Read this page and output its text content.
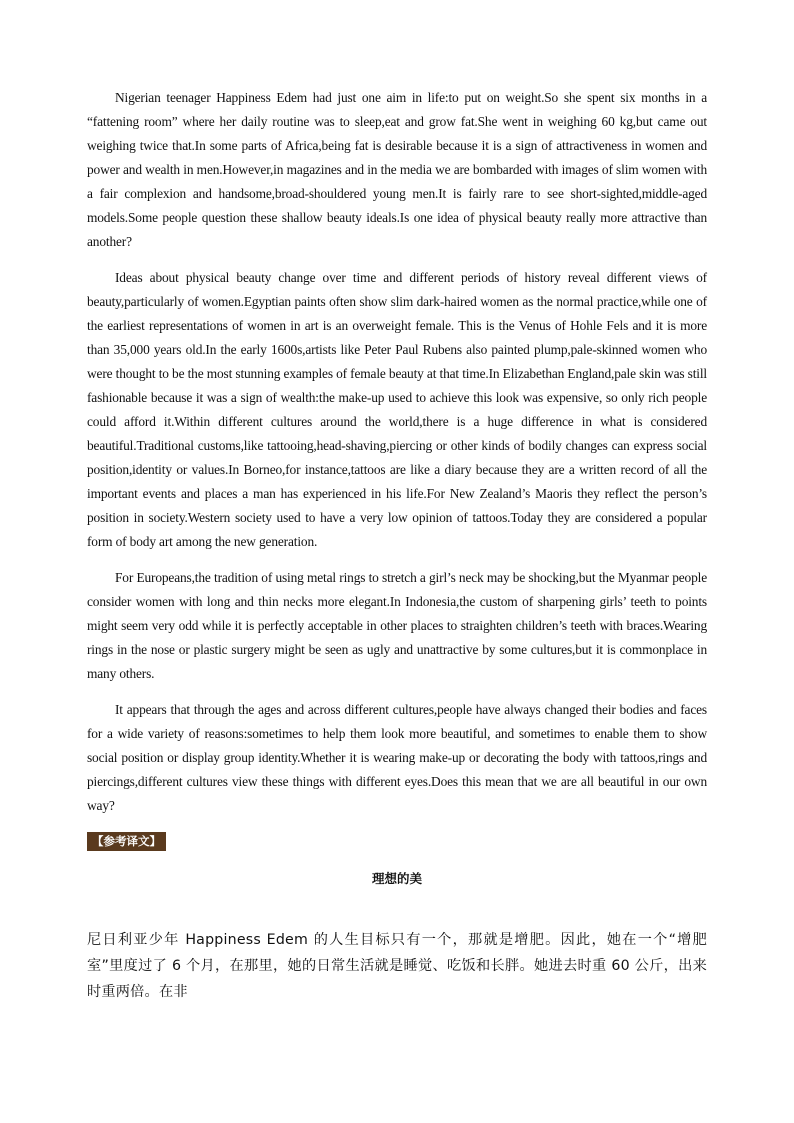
Nigerian teenager Happiness Edem had just one aim in life:to put on weight.So she spent six months in a “fattening room” where her daily routine was to sleep,eat and grow fat.She went in weighing 60 kg,but came out weighing twice that.In some parts of Africa,being fat is desirable because it is a sign of attractiveness in women and power and wealth in men.However,in magazines and in the media we are bombarded with images of slim women with a fair complexion and handsome,broad-shouldered young men.It is fairly rare to see short-sighted,middle-aged models.Some people question these shallow beauty ideals.Is one idea of physical beauty really more attractive than another?

Ideas about physical beauty change over time and different periods of history reveal different views of beauty,particularly of women.Egyptian paints often show slim dark-haired women as the normal practice,while one of the earliest representations of women in art is an overweight female. This is the Venus of Hohle Fels and it is more than 35,000 years old.In the early 1600s,artists like Peter Paul Rubens also painted plump,pale-skinned women who were thought to be the most stunning examples of female beauty at that time.In Elizabethan England,pale skin was still fashionable because it was a sign of wealth:the make-up used to achieve this look was expensive, so only rich people could afford it.Within different cultures around the world,there is a huge difference in what is considered beautiful.Traditional customs,like tattooing,head-shaving,piercing or other kinds of bodily changes can express social position,identity or values.In Borneo,for instance,tattoos are like a diary because they are a written record of all the important events and places a man has experienced in his life.For New Zealand’s Maoris they reflect the person’s position in society.Western society used to have a very low opinion of tattoos.Today they are considered a popular form of body art among the new generation.

For Europeans,the tradition of using metal rings to stretch a girl’s neck may be shocking,but the Myanmar people consider women with long and thin necks more elegant.In Indonesia,the custom of sharpening girls’ teeth to points might seem very odd while it is perfectly acceptable in other places to straighten children’s teeth with braces.Wearing rings in the nose or plastic surgery might be seen as ugly and unattractive by some cultures,but it is commonplace in many others.

It appears that through the ages and across different cultures,people have always changed their bodies and faces for a wide variety of reasons:sometimes to help them look more beautiful, and sometimes to enable them to show social position or display group identity.Whether it is wearing make-up or decorating the body with tattoos,rings and piercings,different cultures view these things with different eyes.Does this mean that we are all beautiful in our own way?

【参考译文】
理想的美

尼日利亚少年 Happiness Edem 的人生目标只有一个，那就是增肥。因此，她在一个“增肥室”里度过了 6 个月，在那里，她的日常生活就是睡觉、吃饭和长胖。她进去时重 60 公斤，出来时重两倍。在非
